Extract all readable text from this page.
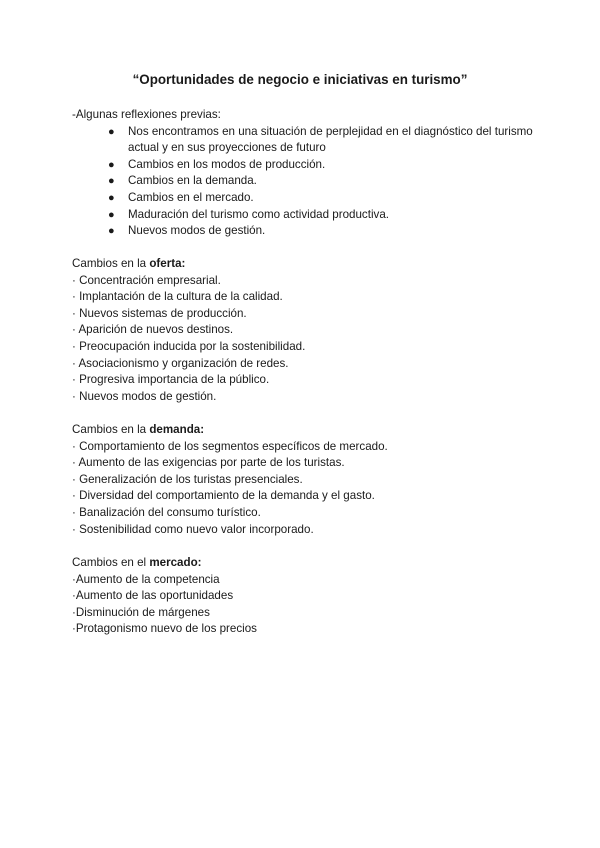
“Oportunidades de negocio e iniciativas en turismo”
-Algunas reflexiones previas:
● Nos encontramos en una situación de perplejidad en el diagnóstico del turismo actual y en sus proyecciones de futuro
● Cambios en los modos de producción.
● Cambios en la demanda.
● Cambios en el mercado.
● Maduración del turismo como actividad productiva.
● Nuevos modos de gestión.
Cambios en la oferta:
· Concentración empresarial.
· Implantación de la cultura de la calidad.
· Nuevos sistemas de producción.
· Aparición de nuevos destinos.
· Preocupación inducida por la sostenibilidad.
· Asociacionismo y organización de redes.
· Progresiva importancia de la público.
· Nuevos modos de gestión.
Cambios en la demanda:
· Comportamiento de los segmentos específicos de mercado.
· Aumento de las exigencias por parte de los turistas.
· Generalización de los turistas presenciales.
· Diversidad del comportamiento de la demanda y el gasto.
· Banalización del consumo turístico.
· Sostenibilidad como nuevo valor incorporado.
Cambios en el mercado:
·Aumento de la competencia
·Aumento de las oportunidades
·Disminución de márgenes
·Protagonismo nuevo de los precios
